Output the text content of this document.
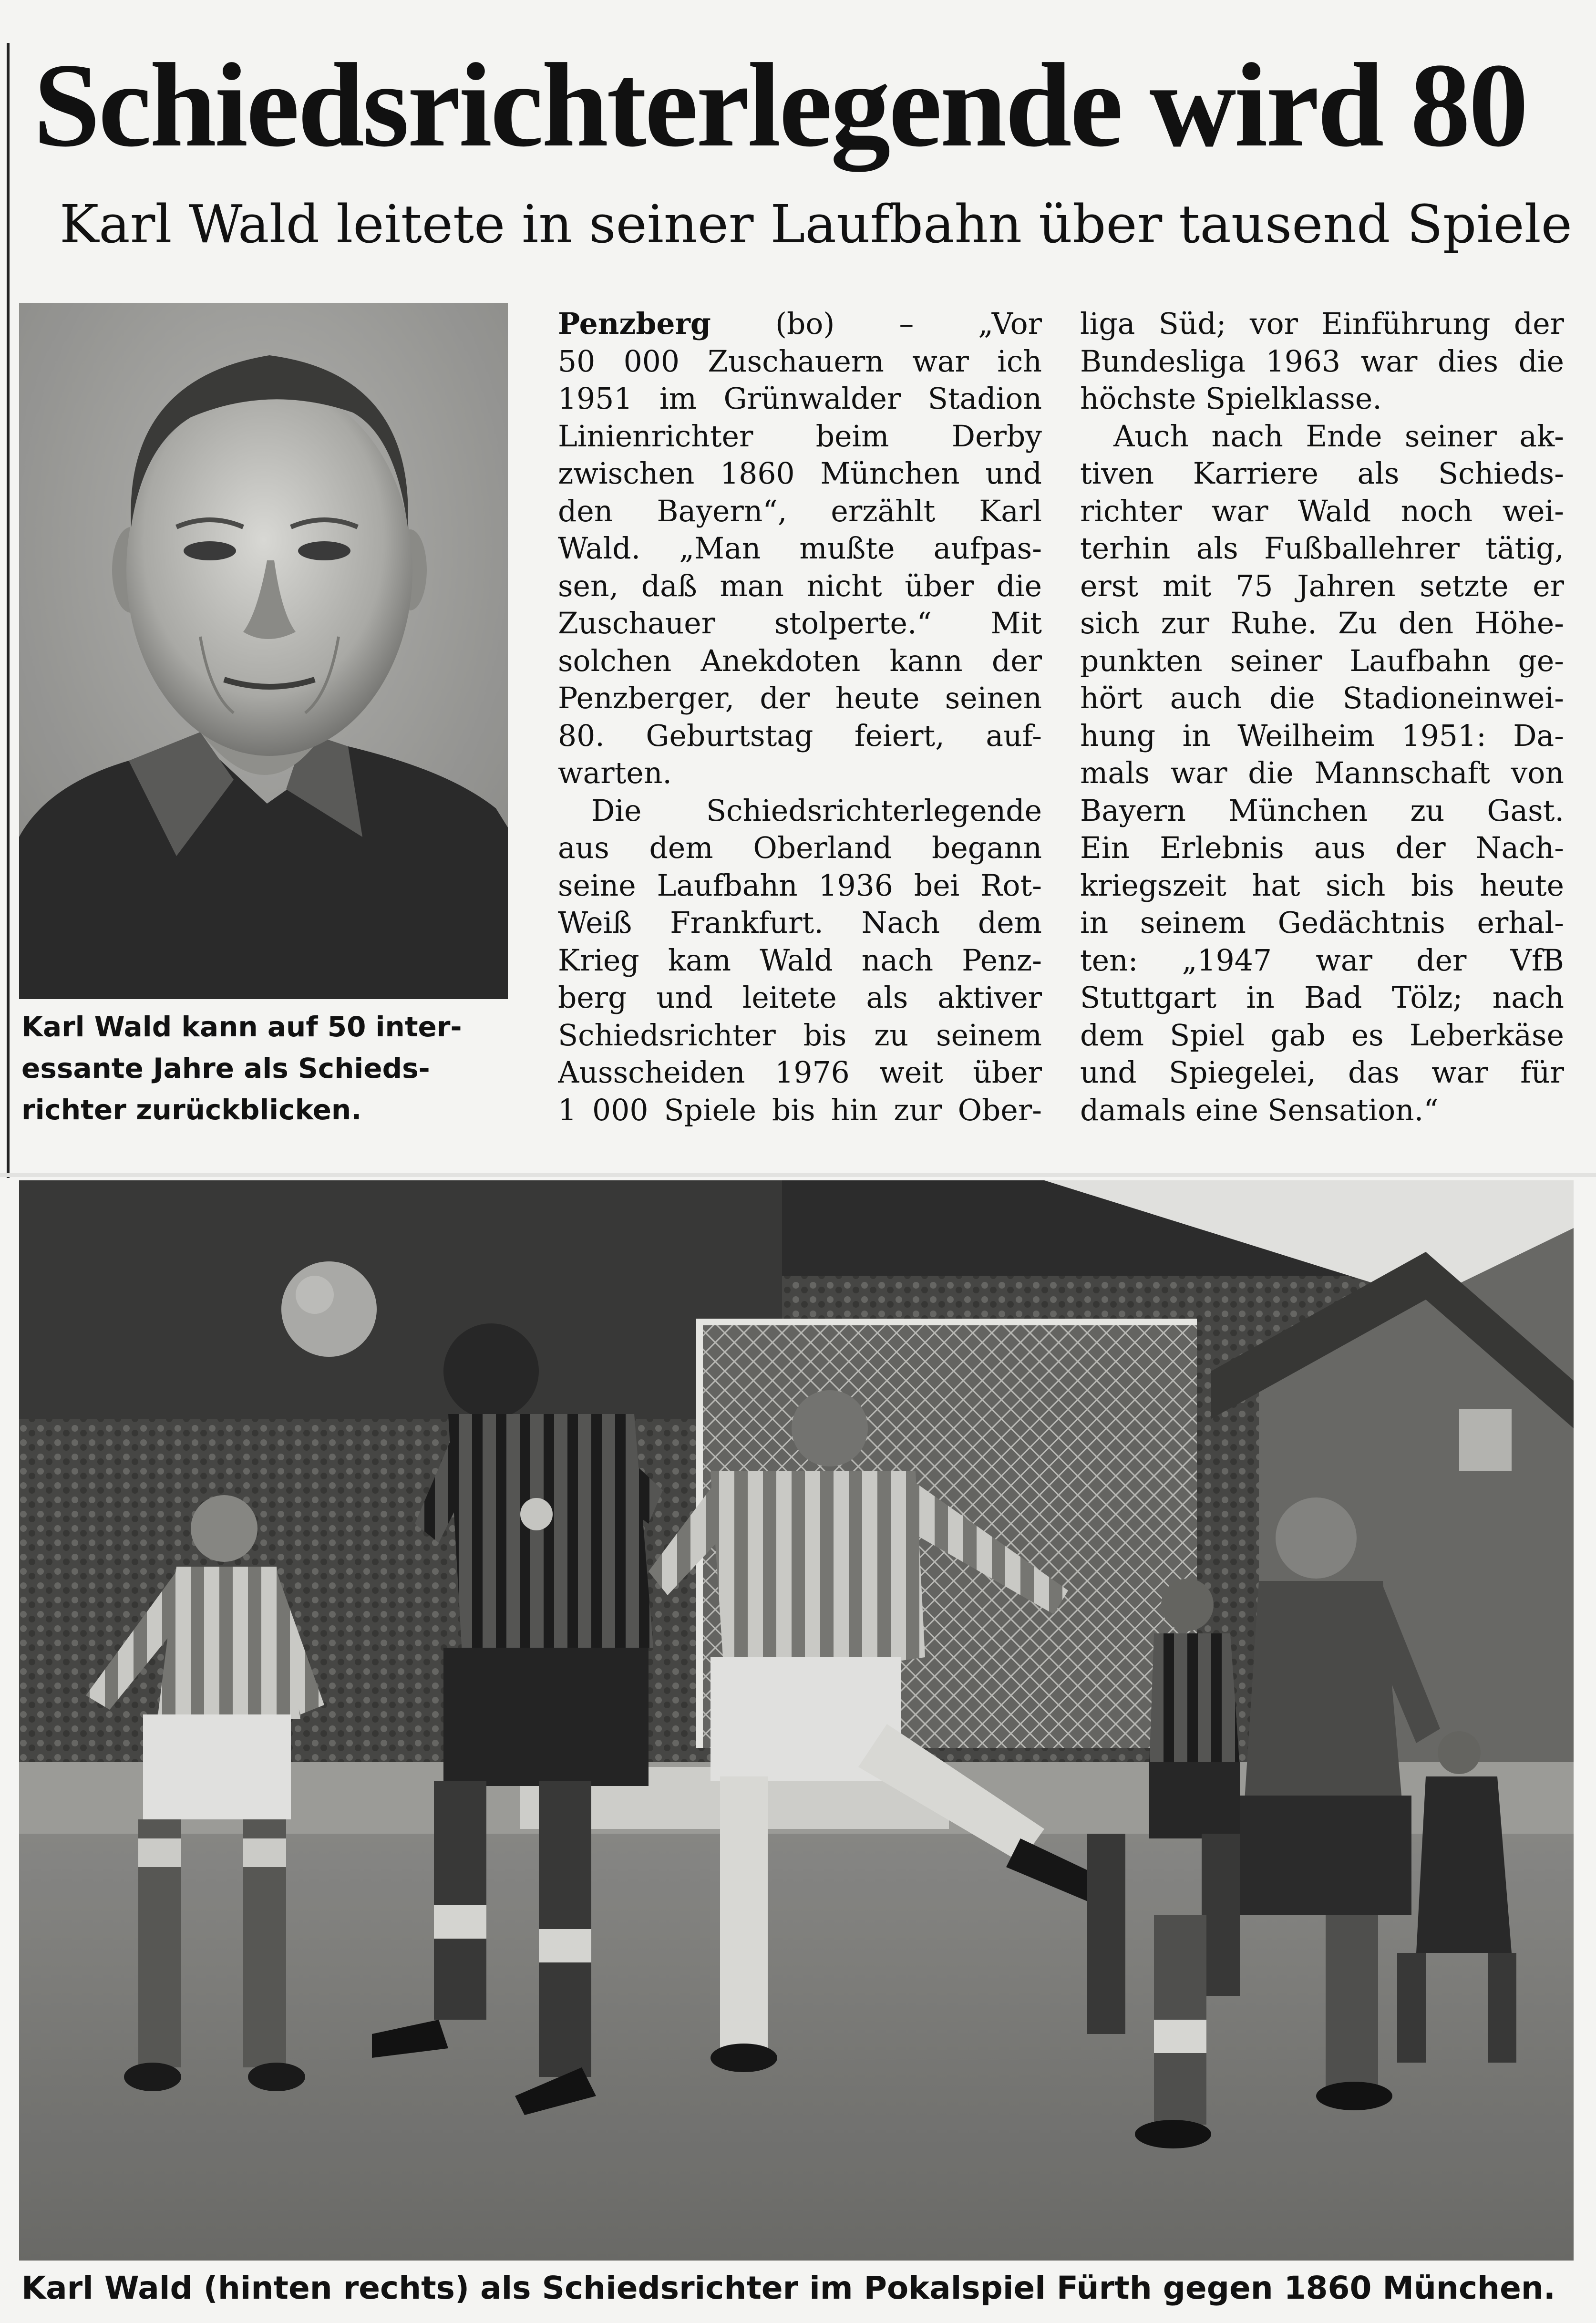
Schiedsrichterlegende wird 80
Karl Wald leitete in seiner Laufbahn über tausend Spiele
Karl Wald kann auf 50 inter-
essante Jahre als Schieds-
richter zurückblicken.
Penzberg (bo) – „Vor
50 000 Zuschauern war ich
1951 im Grünwalder Stadion
Linienrichter beim Derby
zwischen 1860 München und
den Bayern“, erzählt Karl
Wald. „Man mußte aufpas-
sen, daß man nicht über die
Zuschauer stolperte.“ Mit
solchen Anekdoten kann der
Penzberger, der heute seinen
80. Geburtstag feiert, auf-
warten.
Die Schiedsrichterlegende
aus dem Oberland begann
seine Laufbahn 1936 bei Rot-
Weiß Frankfurt. Nach dem
Krieg kam Wald nach Penz-
berg und leitete als aktiver
Schiedsrichter bis zu seinem
Ausscheiden 1976 weit über
1 000 Spiele bis hin zur Ober-
liga Süd; vor Einführung der
Bundesliga 1963 war dies die
höchste Spielklasse.
Auch nach Ende seiner ak-
tiven Karriere als Schieds-
richter war Wald noch wei-
terhin als Fußballehrer tätig,
erst mit 75 Jahren setzte er
sich zur Ruhe. Zu den Höhe-
punkten seiner Laufbahn ge-
hört auch die Stadioneinwei-
hung in Weilheim 1951: Da-
mals war die Mannschaft von
Bayern München zu Gast.
Ein Erlebnis aus der Nach-
kriegszeit hat sich bis heute
in seinem Gedächtnis erhal-
ten: „1947 war der VfB
Stuttgart in Bad Tölz; nach
dem Spiel gab es Leberkäse
und Spiegelei, das war für
damals eine Sensation.“
Karl Wald (hinten rechts) als Schiedsrichter im Pokalspiel Fürth gegen 1860 München.
